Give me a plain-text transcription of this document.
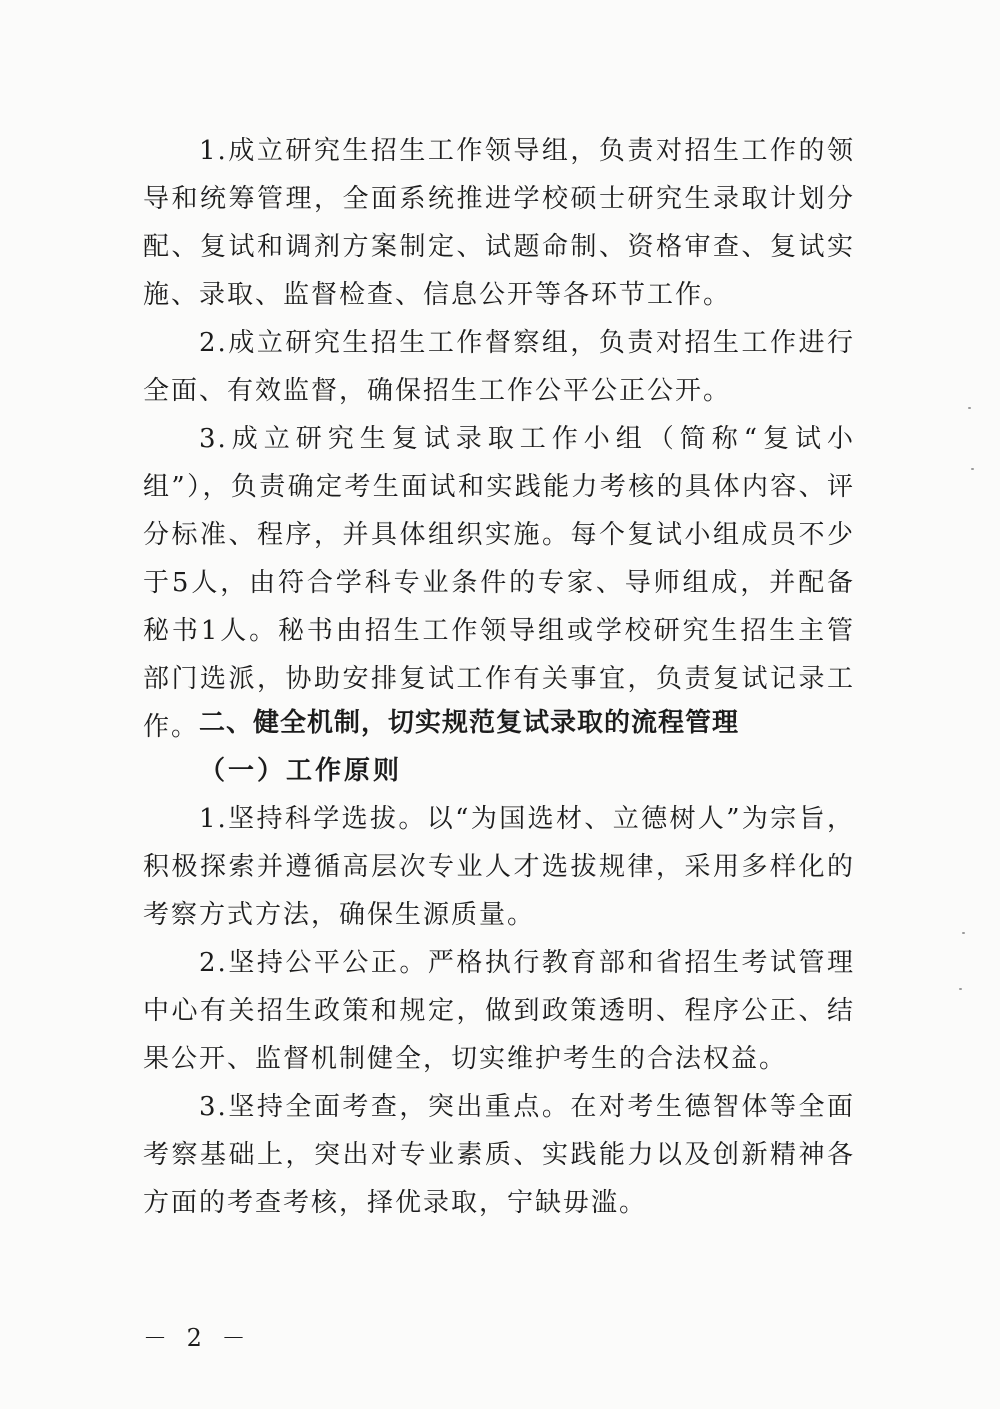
1.成立研究生招生工作领导组，负责对招生工作的领导和统筹管理，全面系统推进学校硕士研究生录取计划分配、复试和调剂方案制定、试题命制、资格审查、复试实施、录取、监督检查、信息公开等各环节工作。

2.成立研究生招生工作督察组，负责对招生工作进行全面、有效监督，确保招生工作公平公正公开。

3.成立研究生复试录取工作小组（简称“复试小组”），负责确定考生面试和实践能力考核的具体内容、评分标准、程序，并具体组织实施。每个复试小组成员不少于5人，由符合学科专业条件的专家、导师组成，并配备秘书1人。秘书由招生工作领导组或学校研究生招生主管部门选派，协助安排复试工作有关事宜，负责复试记录工作。 二、健全机制，切实规范复试录取的流程管理
（一）工作原则

1.坚持科学选拔。以“为国选材、立德树人”为宗旨，积极探索并遵循高层次专业人才选拔规律，采用多样化的考察方式方法，确保生源质量。

2.坚持公平公正。严格执行教育部和省招生考试管理中心有关招生政策和规定，做到政策透明、程序公正、结果公开、监督机制健全，切实维护考生的合法权益。

3.坚持全面考查，突出重点。在对考生德智体等全面考察基础上，突出对专业素质、实践能力以及创新精神各方面的考查考核，择优录取，宁缺毋滥。

－ 2 －
